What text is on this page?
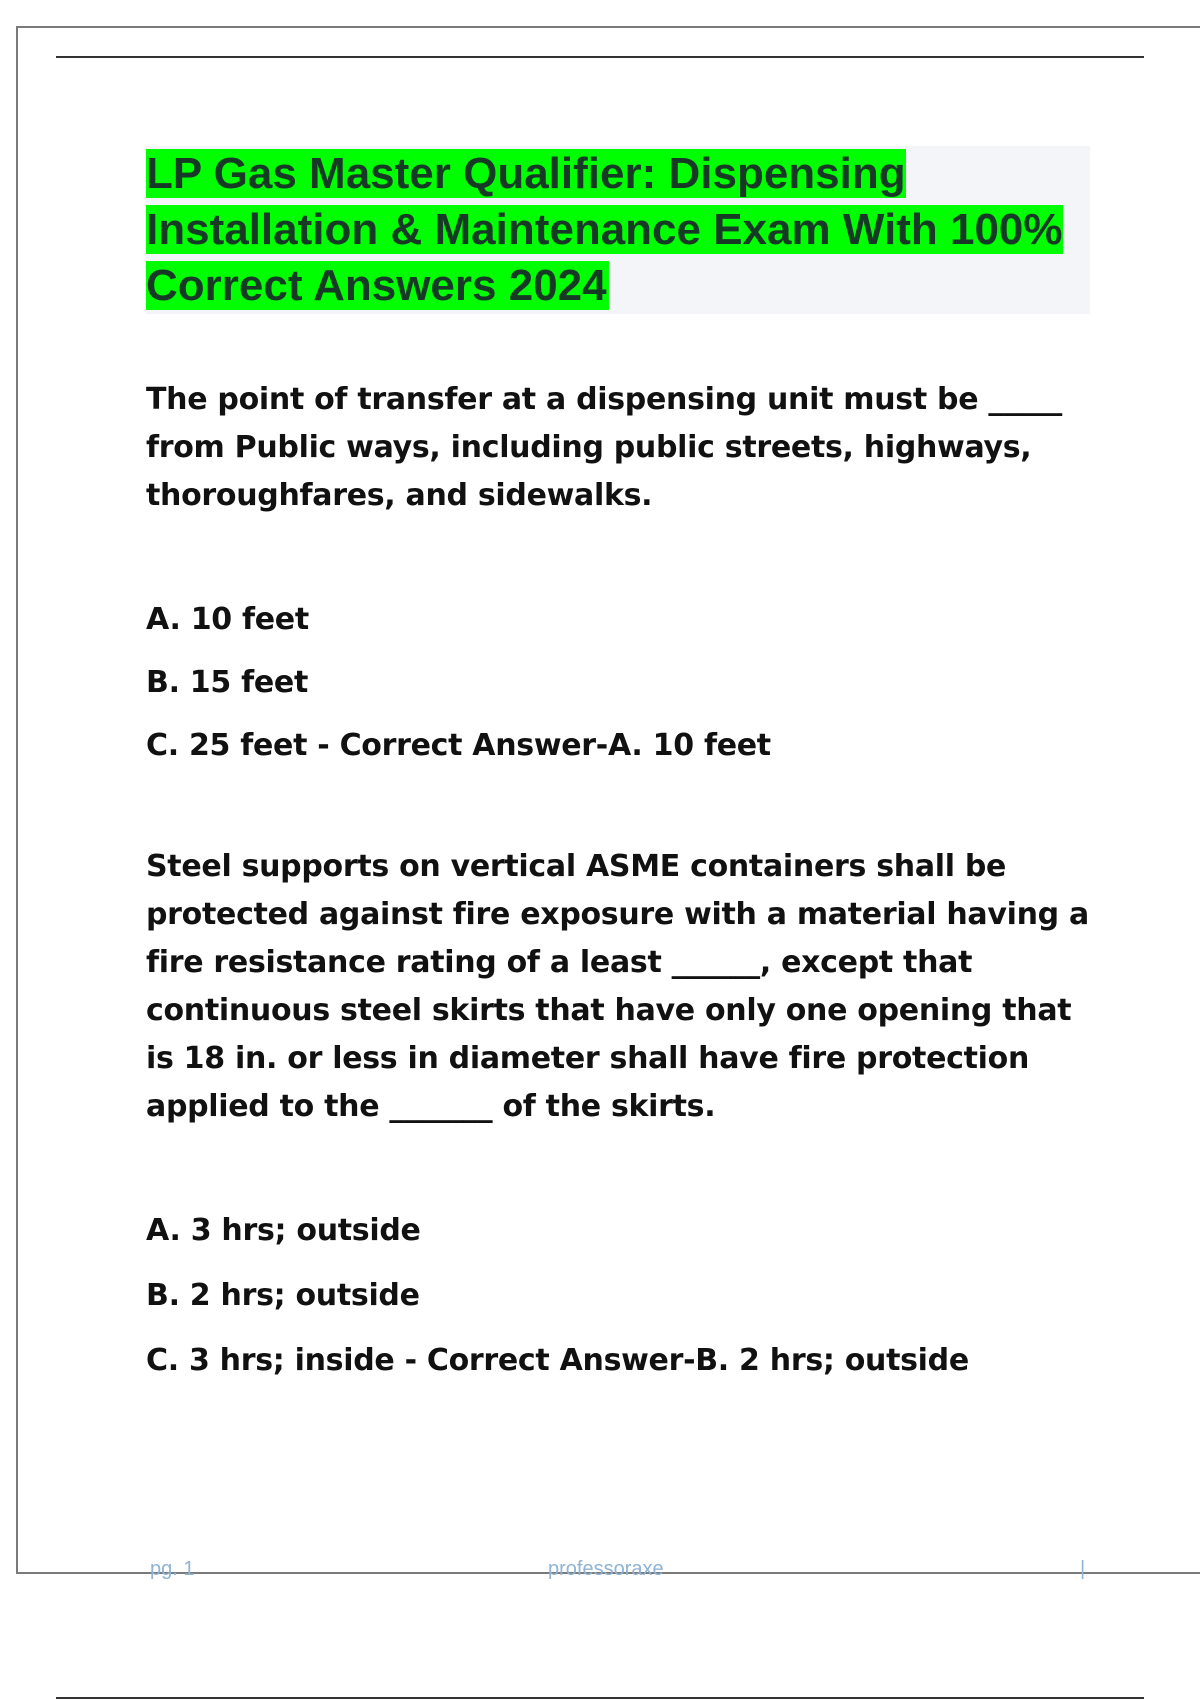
LP Gas Master Qualifier: Dispensing Installation & Maintenance Exam With 100% Correct Answers 2024

The point of transfer at a dispensing unit must be _____ from Public ways, including public streets, highways, thoroughfares, and sidewalks.

A. 10 feet

B. 15 feet

C. 25 feet - Correct Answer-A. 10 feet

Steel supports on vertical ASME containers shall be protected against fire exposure with a material having a fire resistance rating of a least ______, except that continuous steel skirts that have only one opening that is 18 in. or less in diameter shall have fire protection applied to the _______ of the skirts.

A. 3 hrs; outside

B. 2 hrs; outside

C. 3 hrs; inside - Correct Answer-B. 2 hrs; outside

pg. 1	professoraxe	|
